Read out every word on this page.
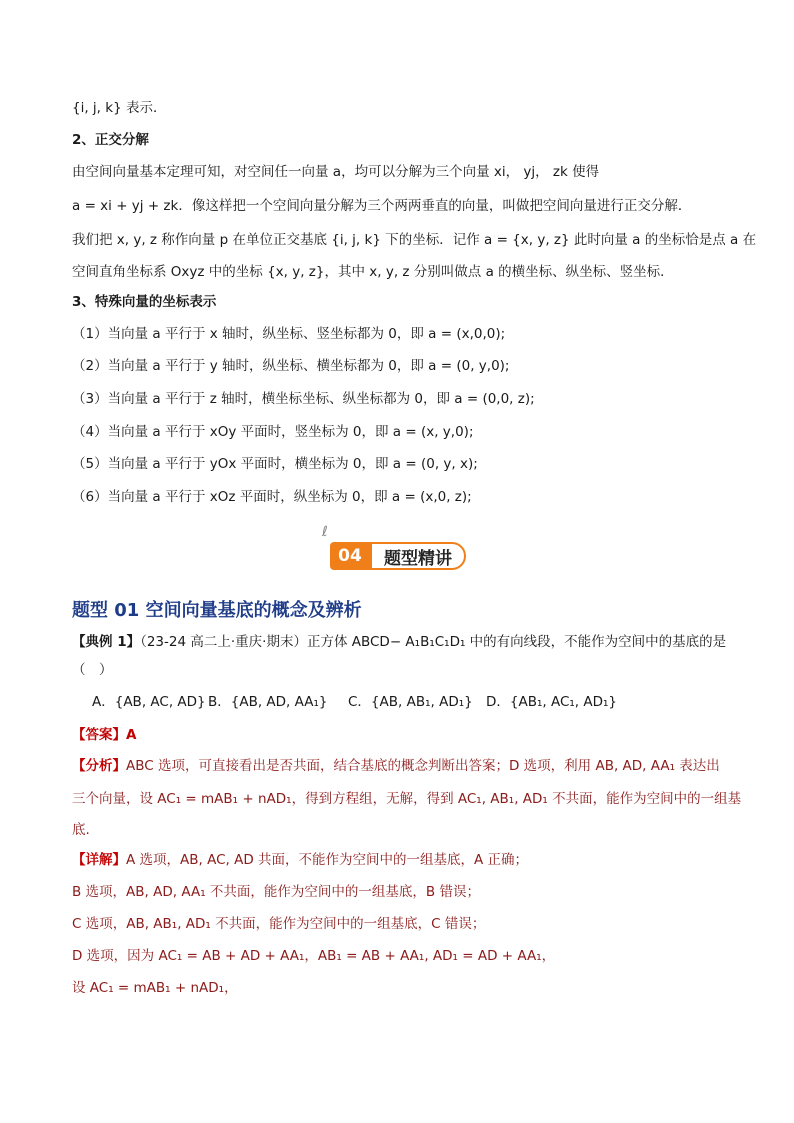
{i, j, k} 表示．
2、正交分解
由空间向量基本定理可知，对空间任一向量 a，均可以分解为三个向量 xi， yj， zk 使得
a = xi + yj + zk．像这样把一个空间向量分解为三个两两垂直的向量，叫做把空间向量进行正交分解．
我们把 x, y, z 称作向量 p 在单位正交基底 {i, j, k} 下的坐标．记作 a = {x, y, z} 此时向量 a 的坐标恰是点 a 在
空间直角坐标系 Oxyz 中的坐标 {x, y, z}，其中 x, y, z 分别叫做点 a 的横坐标、纵坐标、竖坐标．
3、特殊向量的坐标表示
（1）当向量 a 平行于 x 轴时，纵坐标、竖坐标都为 0，即 a = (x,0,0);
（2）当向量 a 平行于 y 轴时，纵坐标、横坐标都为 0，即 a = (0, y,0);
（3）当向量 a 平行于 z 轴时，横坐标坐标、纵坐标都为 0，即 a = (0,0, z);
（4）当向量 a 平行于 xOy 平面时，竖坐标为 0，即 a = (x, y,0);
（5）当向量 a 平行于 yOx 平面时，横坐标为 0，即 a = (0, y, x);
（6）当向量 a 平行于 xOz 平面时，纵坐标为 0，即 a = (x,0, z);
ℓ
04	题型精讲
题型 01 空间向量基底的概念及辨析
【典例 1】（23-24 高二上·重庆·期末）正方体 ABCD− A₁B₁C₁D₁ 中的有向线段，不能作为空间中的基底的是
（　）
A．{AB, AC, AD} B．{AB, AD, AA₁} C．{AB, AB₁, AD₁} D．{AB₁, AC₁, AD₁}
【答案】A
【分析】ABC 选项，可直接看出是否共面，结合基底的概念判断出答案；D 选项，利用 AB, AD, AA₁ 表达出
三个向量，设 AC₁ = mAB₁ + nAD₁，得到方程组，无解，得到 AC₁, AB₁, AD₁ 不共面，能作为空间中的一组基
底.
【详解】A 选项，AB, AC, AD 共面，不能作为空间中的一组基底，A 正确；
B 选项，AB, AD, AA₁ 不共面，能作为空间中的一组基底，B 错误；
C 选项，AB, AB₁, AD₁ 不共面，能作为空间中的一组基底，C 错误；
D 选项，因为 AC₁ = AB + AD + AA₁，AB₁ = AB + AA₁, AD₁ = AD + AA₁，
设 AC₁ = mAB₁ + nAD₁，
